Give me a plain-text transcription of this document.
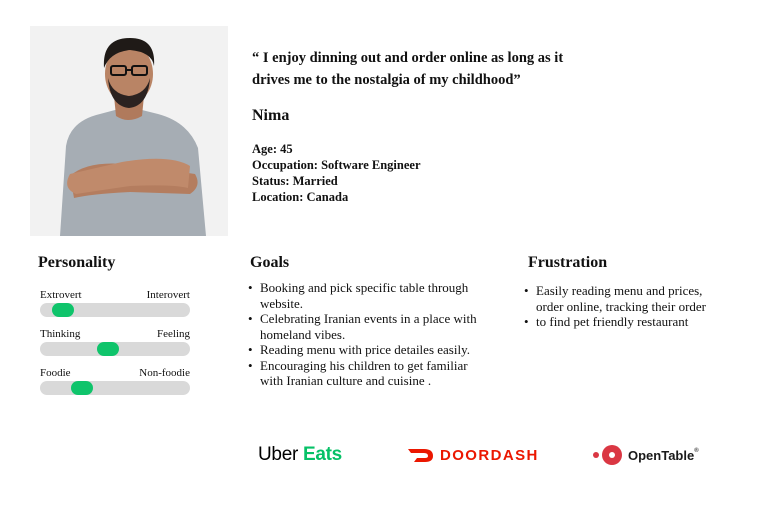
“ I enjoy dinning out and order online as long as it drives me to the nostalgia of my childhood”
Nima
Age: 45
Occupation: Software Engineer
Status: Married
Location: Canada
Personality
Extrovert	Interovert
Thinking	Feeling
Foodie	Non-foodie
Goals
• Booking and pick specific table through website.
• Celebrating Iranian events in a place with homeland vibes.
• Reading menu with price detailes easily.
• Encouraging his children to get familiar with Iranian culture and cuisine .
Frustration
• Easily reading menu and prices, order online, tracking their order
• to find pet friendly restaurant
Uber Eats	DOORDASH	OpenTable®
